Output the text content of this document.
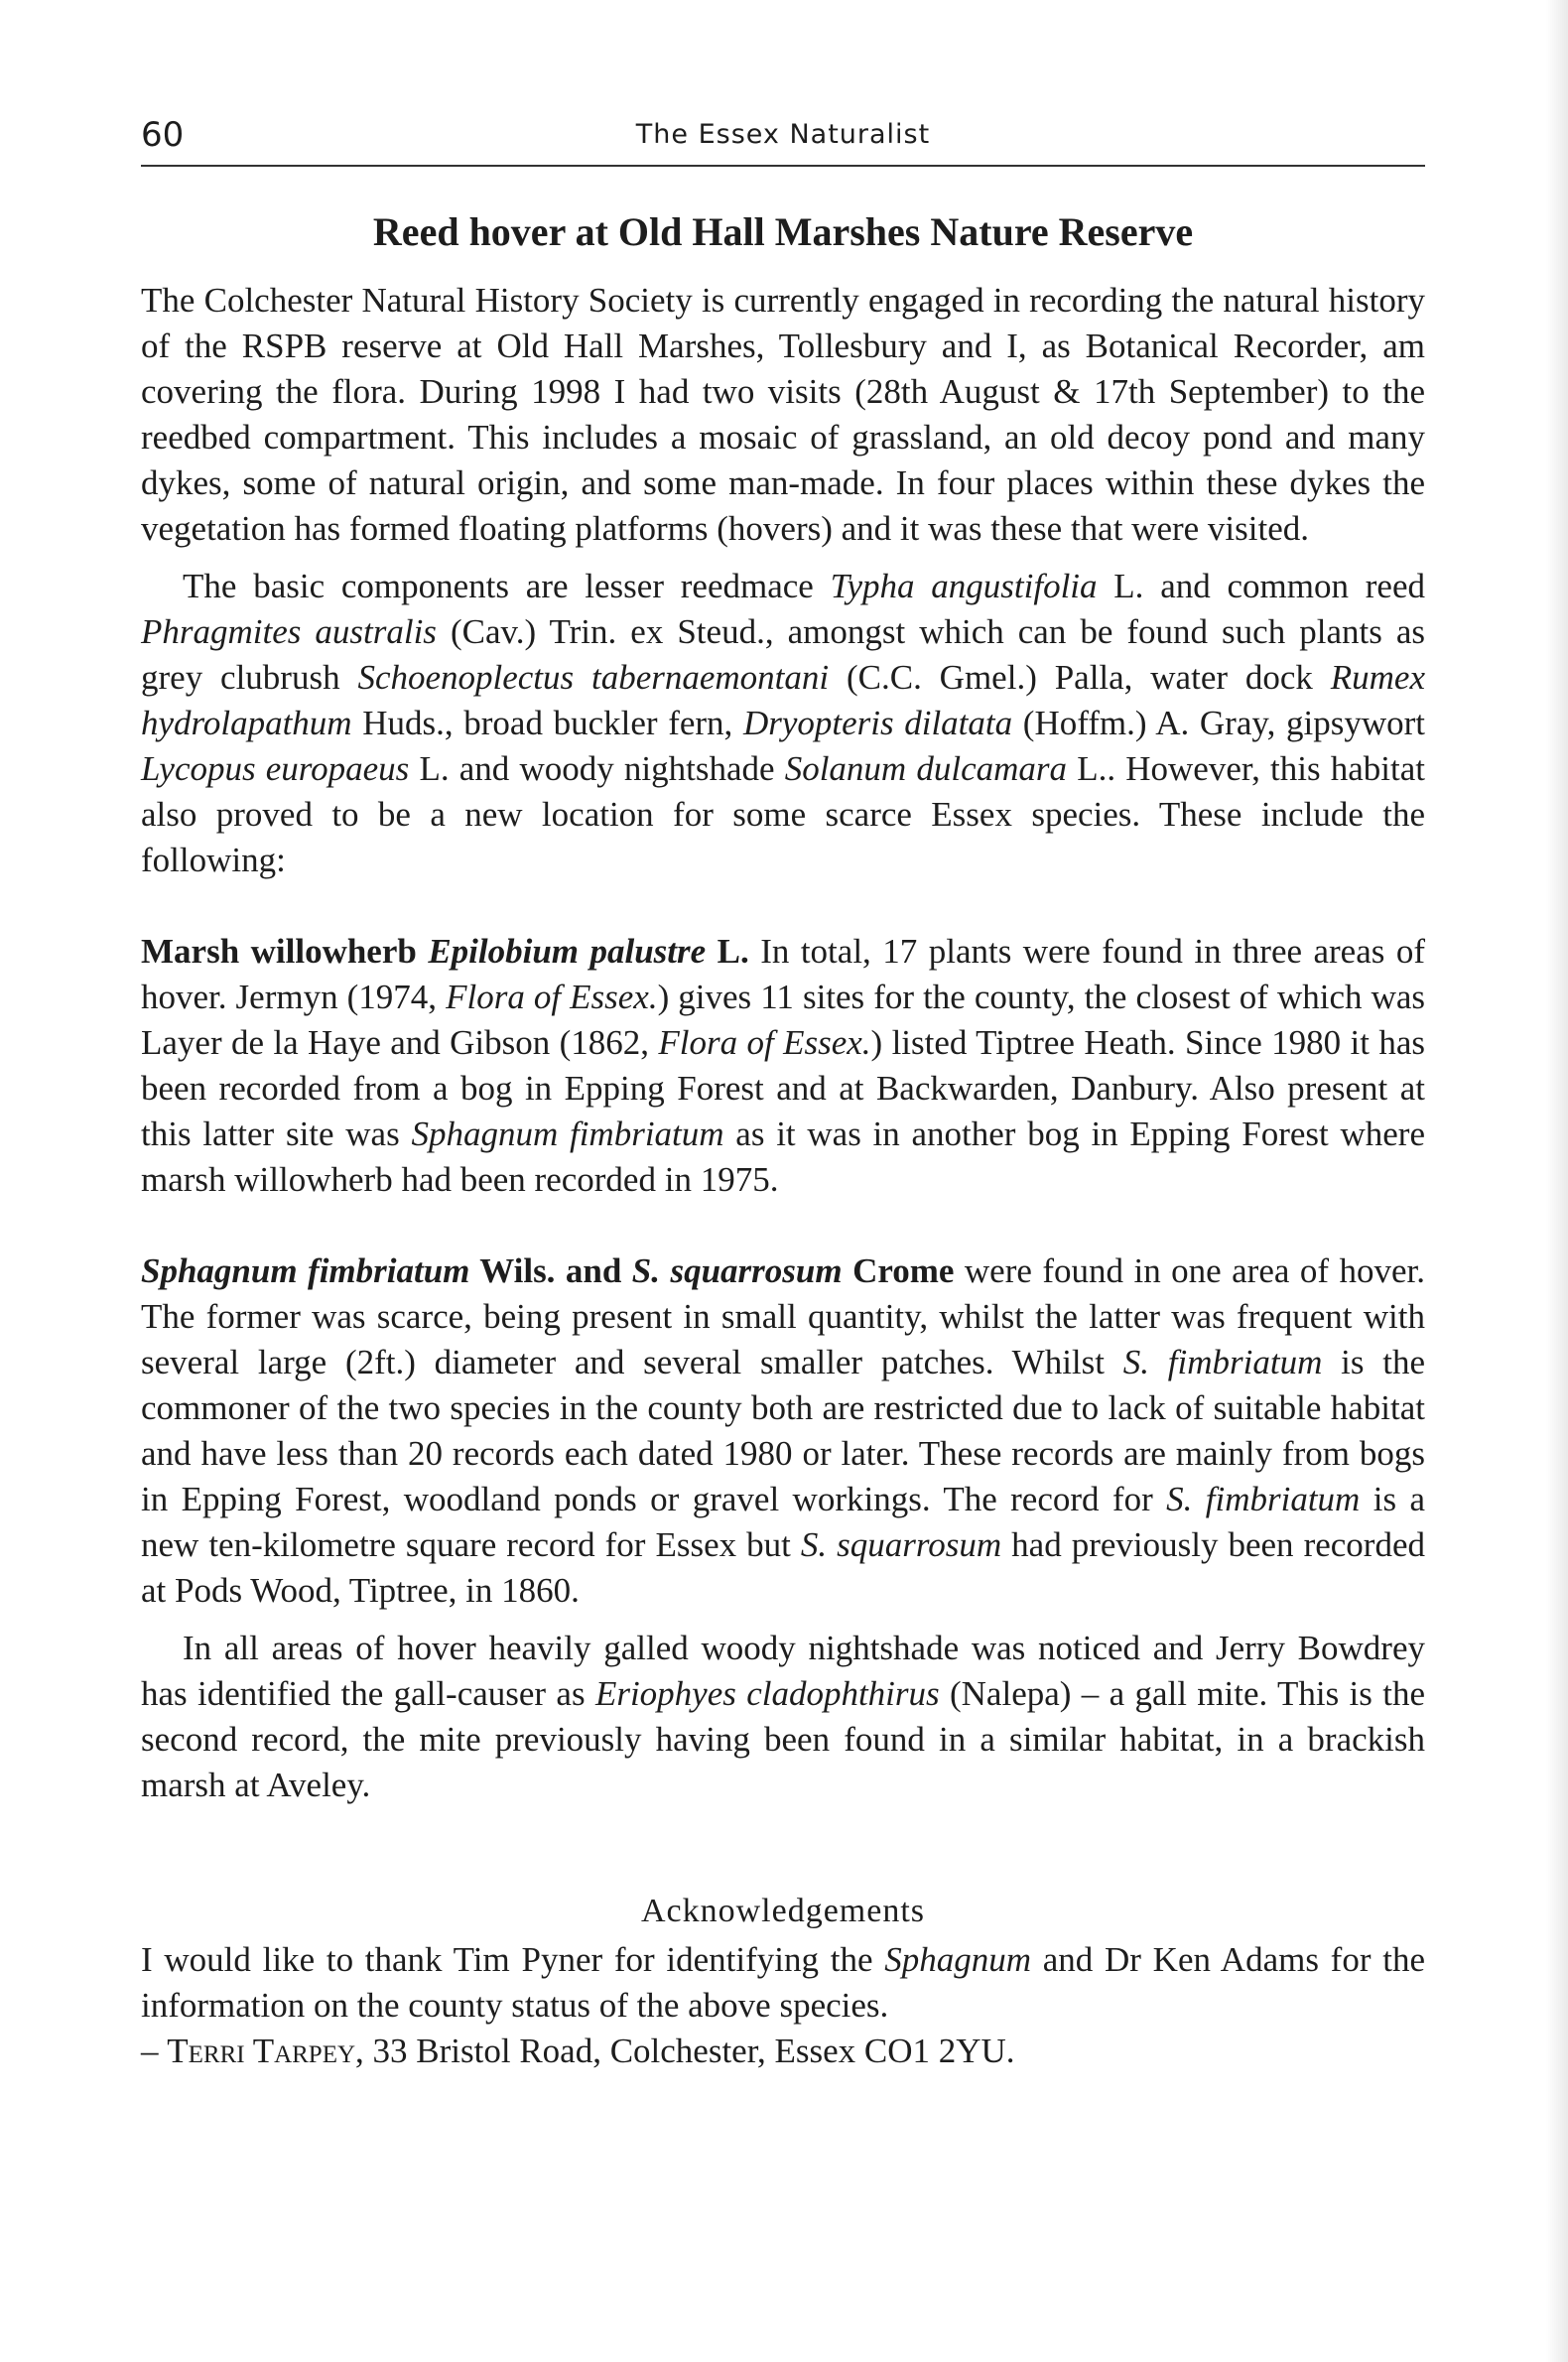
60	The Essex Naturalist
Reed hover at Old Hall Marshes Nature Reserve

The Colchester Natural History Society is currently engaged in recording the natural history of the RSPB reserve at Old Hall Marshes, Tollesbury and I, as Botanical Recorder, am covering the flora. During 1998 I had two visits (28th August & 17th September) to the reedbed compartment. This includes a mosaic of grassland, an old decoy pond and many dykes, some of natural origin, and some man-made. In four places within these dykes the vegetation has formed floating platforms (hovers) and it was these that were visited.

The basic components are lesser reedmace Typha angustifolia L. and common reed Phragmites australis (Cav.) Trin. ex Steud., amongst which can be found such plants as grey clubrush Schoenoplectus tabernaemontani (C.C. Gmel.) Palla, water dock Rumex hydrolapathum Huds., broad buckler fern, Dryopteris dilatata (Hoffm.) A. Gray, gipsywort Lycopus europaeus L. and woody nightshade Solanum dulcamara L.. However, this habitat also proved to be a new location for some scarce Essex species. These include the following:

Marsh willowherb Epilobium palustre L. In total, 17 plants were found in three areas of hover. Jermyn (1974, Flora of Essex.) gives 11 sites for the county, the closest of which was Layer de la Haye and Gibson (1862, Flora of Essex.) listed Tiptree Heath. Since 1980 it has been recorded from a bog in Epping Forest and at Backwarden, Danbury. Also present at this latter site was Sphagnum fimbriatum as it was in another bog in Epping Forest where marsh willowherb had been recorded in 1975.

Sphagnum fimbriatum Wils. and S. squarrosum Crome were found in one area of hover. The former was scarce, being present in small quantity, whilst the latter was frequent with several large (2ft.) diameter and several smaller patches. Whilst S. fimbriatum is the commoner of the two species in the county both are restricted due to lack of suitable habitat and have less than 20 records each dated 1980 or later. These records are mainly from bogs in Epping Forest, woodland ponds or gravel workings. The record for S. fimbriatum is a new ten-kilometre square record for Essex but S. squarrosum had previously been recorded at Pods Wood, Tiptree, in 1860.

In all areas of hover heavily galled woody nightshade was noticed and Jerry Bowdrey has identified the gall-causer as Eriophyes cladophthirus (Nalepa) – a gall mite. This is the second record, the mite previously having been found in a similar habitat, in a brackish marsh at Aveley.

Acknowledgements

I would like to thank Tim Pyner for identifying the Sphagnum and Dr Ken Adams for the information on the county status of the above species.

– Terri Tarpey, 33 Bristol Road, Colchester, Essex CO1 2YU.
